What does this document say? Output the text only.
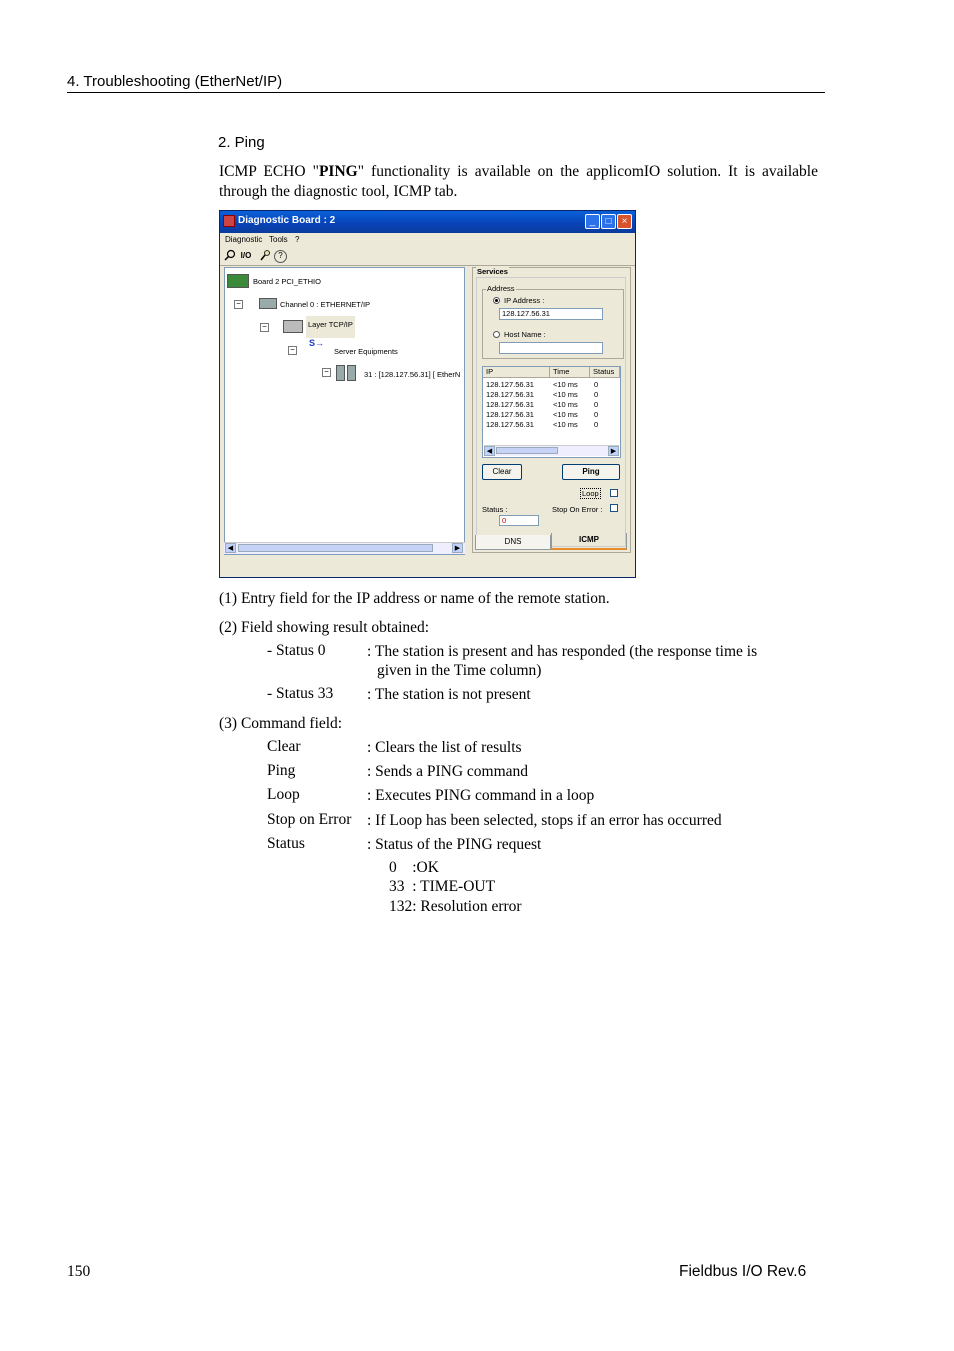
4. Troubleshooting (EtherNet/IP)
2. Ping
ICMP ECHO "PING" functionality is available on the applicomIO solution. It is available through the diagnostic tool, ICMP tab.
Diagnostic Board : 2	_	□	×
Diagnostic Tools ?
I/O	?
Board 2 PCI_ETHIO
−	Channel 0 : ETHERNET/IP
−	Layer TCP/IP
−
S→
Server Equipments
−	31 : [128.127.56.31] [ EtherN
◀	▶
Services
Address
IP Address :
128.127.56.31
Host Name :
IP	Time	Status
128.127.56.31	<10 ms 0
128.127.56.31	<10 ms 0
128.127.56.31	<10 ms 0
128.127.56.31	<10 ms 0
128.127.56.31	<10 ms 0
◀	▶
Clear	Ping
Loop
Status :	Stop On Error :
0
DNS	ICMP
(1) Entry field for the IP address or name of the remote station.
(2) Field showing result obtained:
- Status 0	: The station is present and has responded (the response time is
given in the Time column)
- Status 33 : The station is not present
(3) Command field:
Clear	: Clears the list of results
Ping	: Sends a PING command
Loop	: Executes PING command in a loop
Stop on Error : If Loop has been selected, stops if an error has occurred
Status	: Status of the PING request
0    :OK
33  : TIME-OUT
132: Resolution error
150	Fieldbus I/O Rev.6
